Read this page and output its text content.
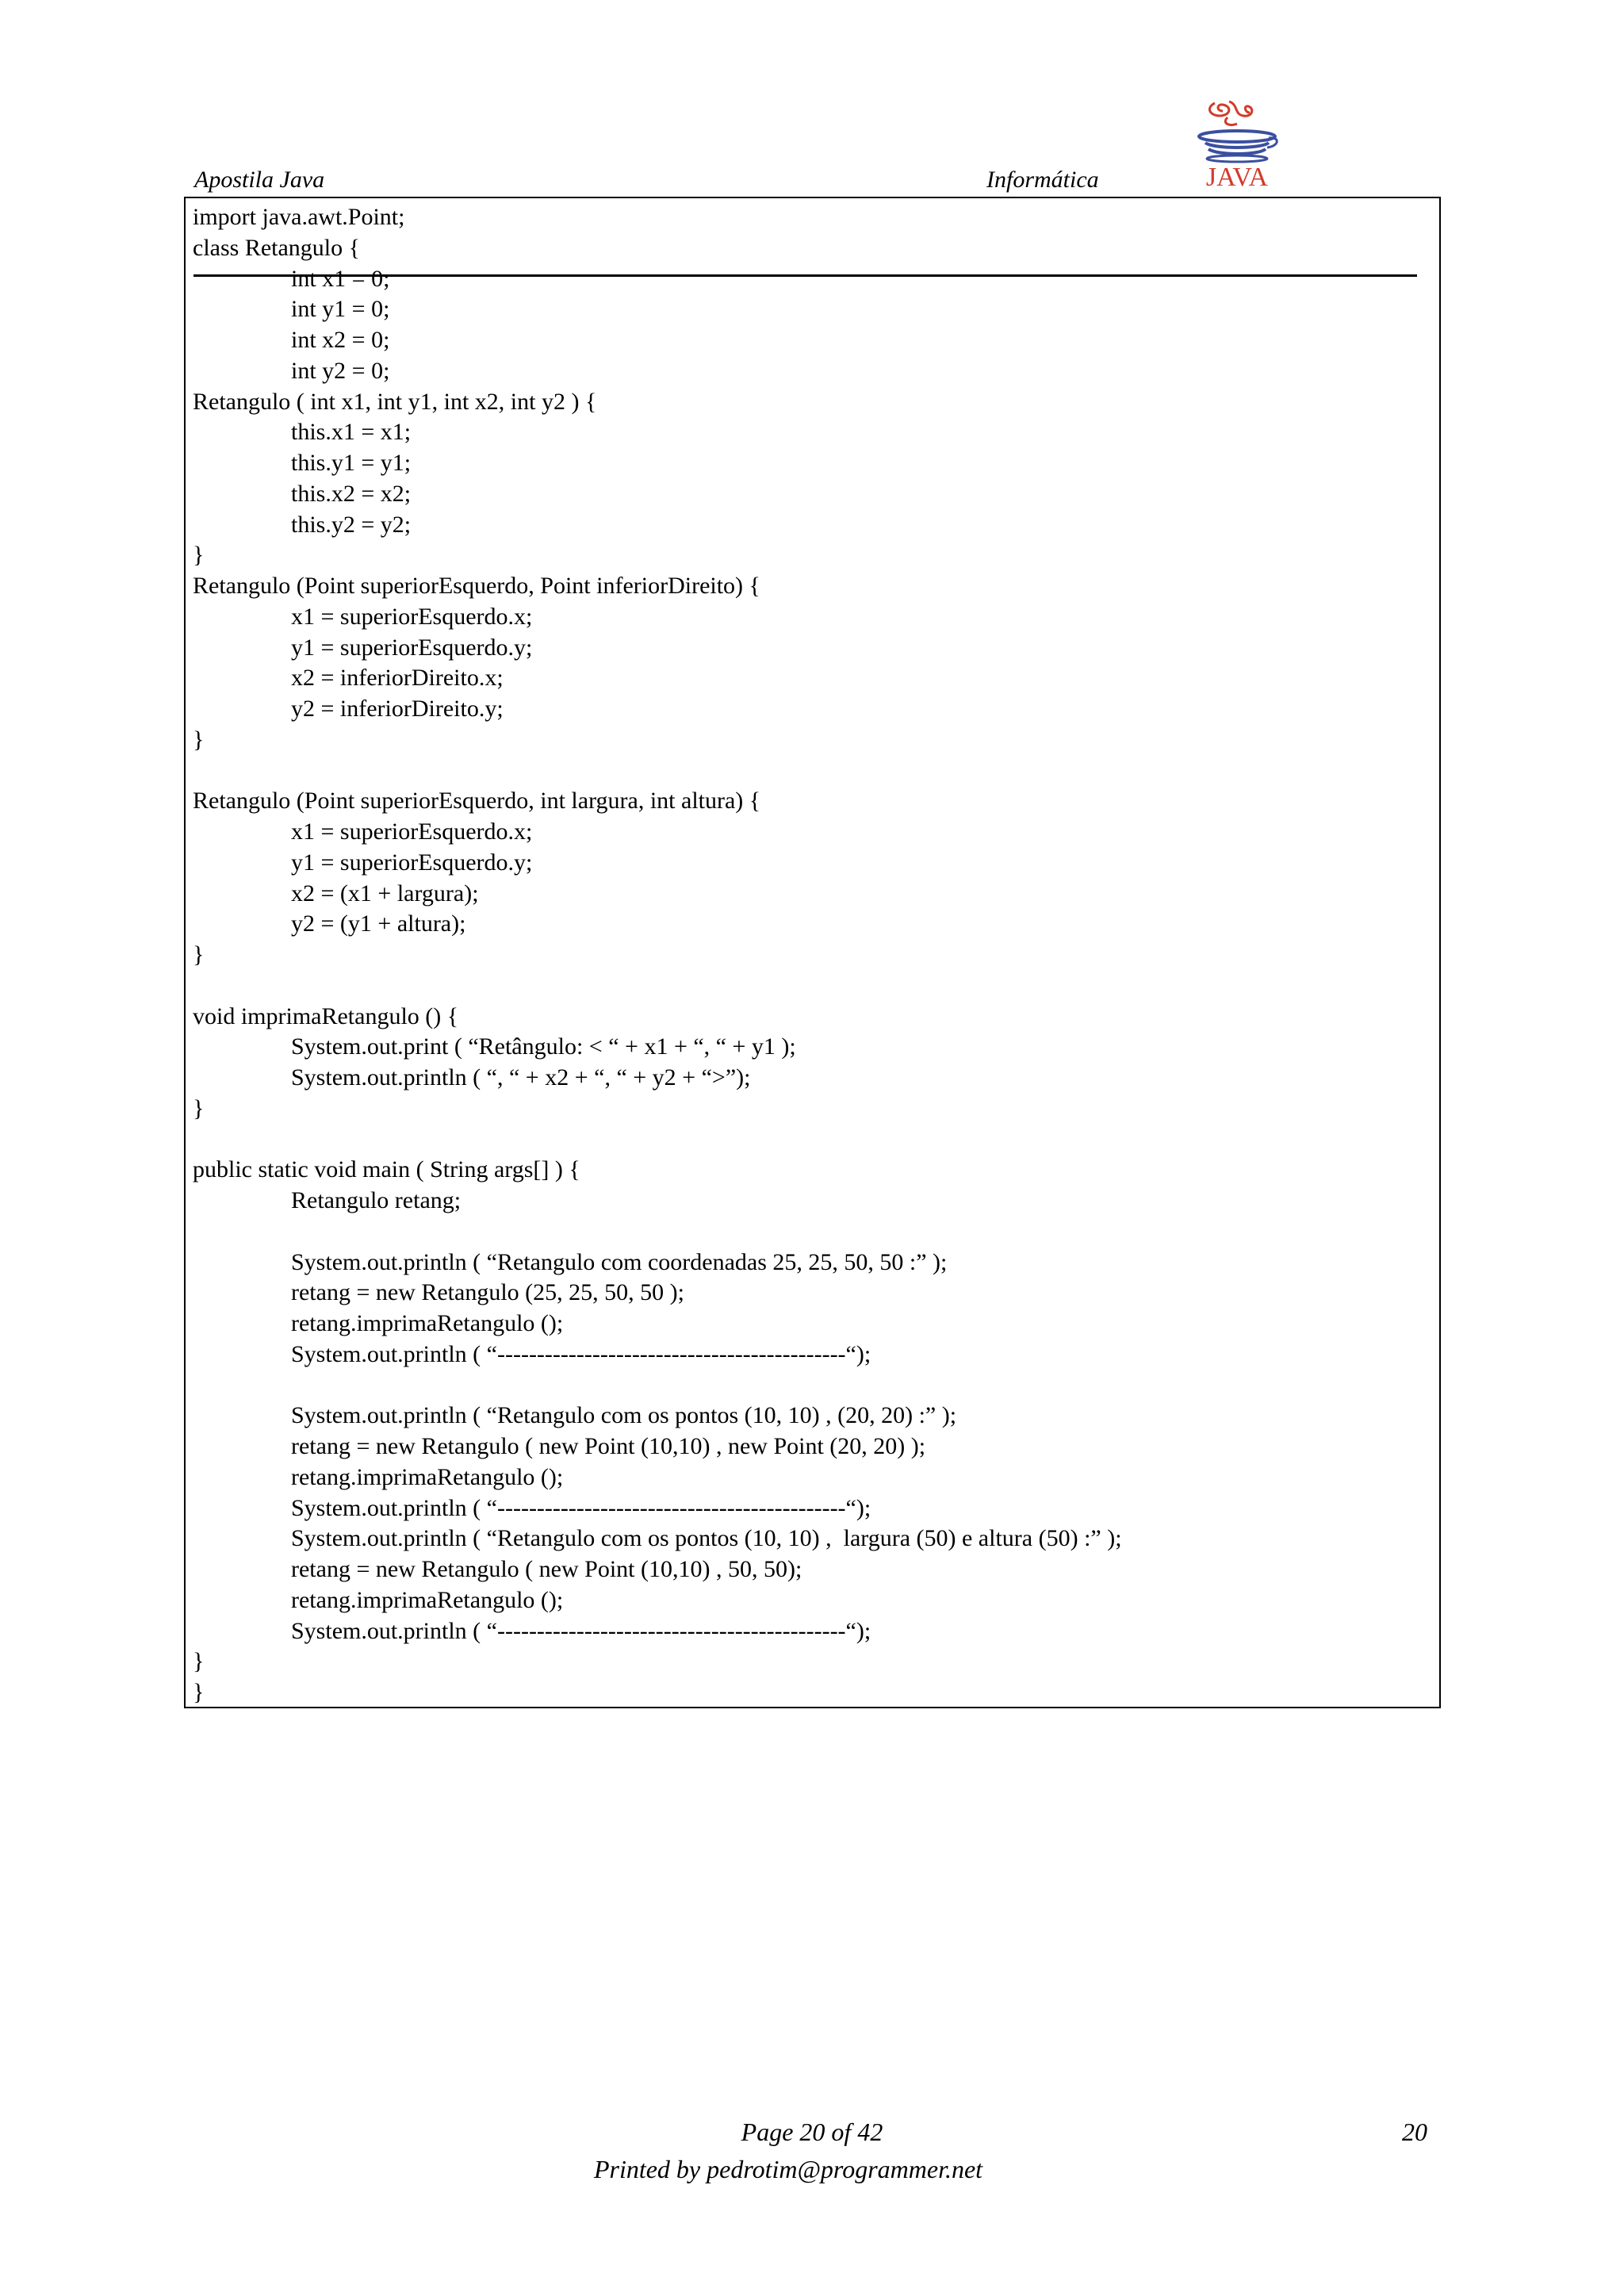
Apostila Java	Informática	JAVA
import java.awt.Point;
class Retangulo {
int x1 = 0;
int y1 = 0;
int x2 = 0;
int y2 = 0;
Retangulo ( int x1, int y1, int x2, int y2 ) {
this.x1 = x1;
this.y1 = y1;
this.x2 = x2;
this.y2 = y2;
}
Retangulo (Point superiorEsquerdo, Point inferiorDireito) {
x1 = superiorEsquerdo.x;
y1 = superiorEsquerdo.y;
x2 = inferiorDireito.x;
y2 = inferiorDireito.y;
}
Retangulo (Point superiorEsquerdo, int largura, int altura) {
x1 = superiorEsquerdo.x;
y1 = superiorEsquerdo.y;
x2 = (x1 + largura);
y2 = (y1 + altura);
}
void imprimaRetangulo () {
System.out.print ( “Retângulo: < “ + x1 + “, “ + y1 );
System.out.println ( “, “ + x2 + “, “ + y2 + “>”);
}
public static void main ( String args[] ) {
Retangulo retang;
System.out.println ( “Retangulo com coordenadas 25, 25, 50, 50 :” );
retang = new Retangulo (25, 25, 50, 50 );
retang.imprimaRetangulo ();
System.out.println ( “--------------------------------------------“);
System.out.println ( “Retangulo com os pontos (10, 10) , (20, 20) :” );
retang = new Retangulo ( new Point (10,10) , new Point (20, 20) );
retang.imprimaRetangulo ();
System.out.println ( “--------------------------------------------“);
System.out.println ( “Retangulo com os pontos (10, 10) ,  largura (50) e altura (50) :” );
retang = new Retangulo ( new Point (10,10) , 50, 50);
retang.imprimaRetangulo ();
System.out.println ( “--------------------------------------------“);
}
}
Page 20 of 42
Printed by pedrotim@programmer.net
20
